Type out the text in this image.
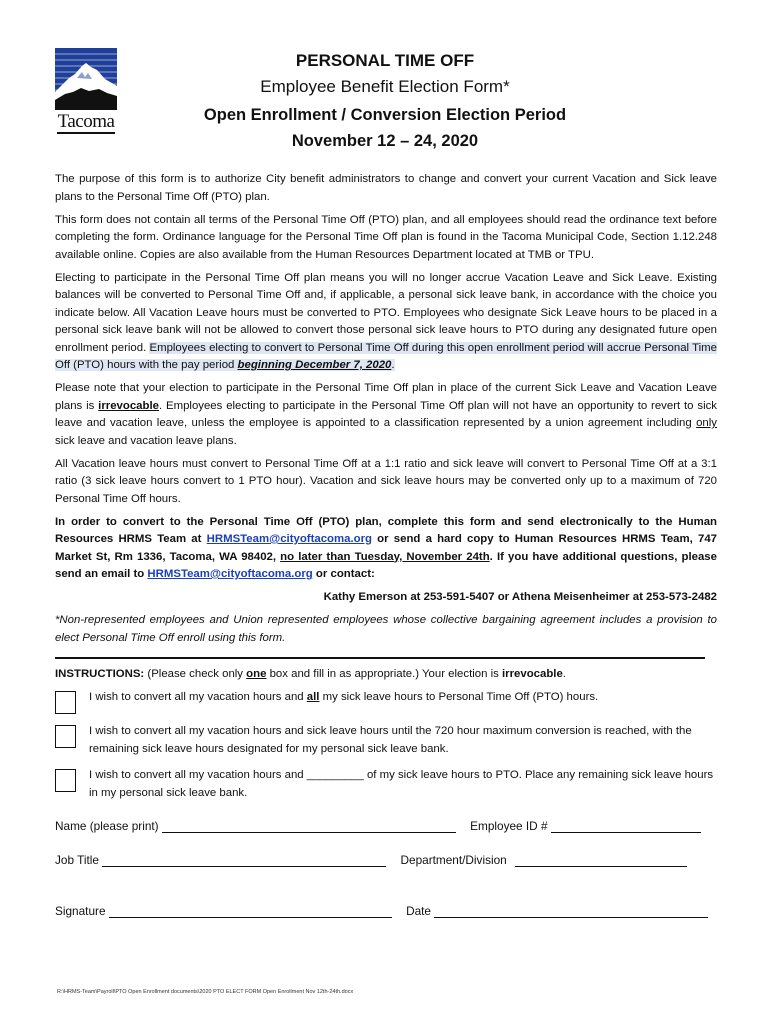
Tacoma
PERSONAL TIME OFF
Employee Benefit Election Form*
Open Enrollment / Conversion Election Period
November 12 – 24, 2020

The purpose of this form is to authorize City benefit administrators to change and convert your current Vacation and Sick leave plans to the Personal Time Off (PTO) plan.

This form does not contain all terms of the Personal Time Off (PTO) plan, and all employees should read the ordinance text before completing the form. Ordinance language for the Personal Time Off plan is found in the Tacoma Municipal Code, Section 1.12.248 available online. Copies are also available from the Human Resources Department located at TMB or TPU.

Electing to participate in the Personal Time Off plan means you will no longer accrue Vacation Leave and Sick Leave. Existing balances will be converted to Personal Time Off and, if applicable, a personal sick leave bank, in accordance with the choice you indicate below. All Vacation Leave hours must be converted to PTO. Employees who designate Sick Leave hours to be placed in a personal sick leave bank will not be allowed to convert those personal sick leave hours to PTO during any designated future open enrollment period. Employees electing to convert to Personal Time Off during this open enrollment period will accrue Personal Time Off (PTO) hours with the pay period beginning December 7, 2020.

Please note that your election to participate in the Personal Time Off plan in place of the current Sick Leave and Vacation Leave plans is irrevocable. Employees electing to participate in the Personal Time Off plan will not have an opportunity to revert to sick leave and vacation leave, unless the employee is appointed to a classification represented by a union agreement including only sick leave and vacation leave plans.

All Vacation leave hours must convert to Personal Time Off at a 1:1 ratio and sick leave will convert to Personal Time Off at a 3:1 ratio (3 sick leave hours convert to 1 PTO hour). Vacation and sick leave hours may be converted only up to a maximum of 720 Personal Time Off hours.

In order to convert to the Personal Time Off (PTO) plan, complete this form and send electronically to the Human Resources HRMS Team at HRMSTeam@cityoftacoma.org or send a hard copy to Human Resources HRMS Team, 747 Market St, Rm 1336, Tacoma, WA 98402, no later than Tuesday, November 24th. If you have additional questions, please send an email to HRMSTeam@cityoftacoma.org or contact:

Kathy Emerson at 253-591-5407 or Athena Meisenheimer at 253-573-2482

*Non-represented employees and Union represented employees whose collective bargaining agreement includes a provision to elect Personal Time Off enroll using this form.

INSTRUCTIONS: (Please check only one box and fill in as appropriate.) Your election is irrevocable.

I wish to convert all my vacation hours and all my sick leave hours to Personal Time Off (PTO) hours.
I wish to convert all my vacation hours and sick leave hours until the 720 hour maximum conversion is reached, with the remaining sick leave hours designated for my personal sick leave bank.
I wish to convert all my vacation hours and _________ of my sick leave hours to PTO. Place any remaining sick leave hours in my personal sick leave bank.
Name (please print)	Employee ID #
Job Title	Department/Division
Signature	Date
R:\HRMS-Team\Payroll\PTO Open Enrollment documents\2020 PTO ELECT FORM Open Enrollment Nov 12th-24th.docx
